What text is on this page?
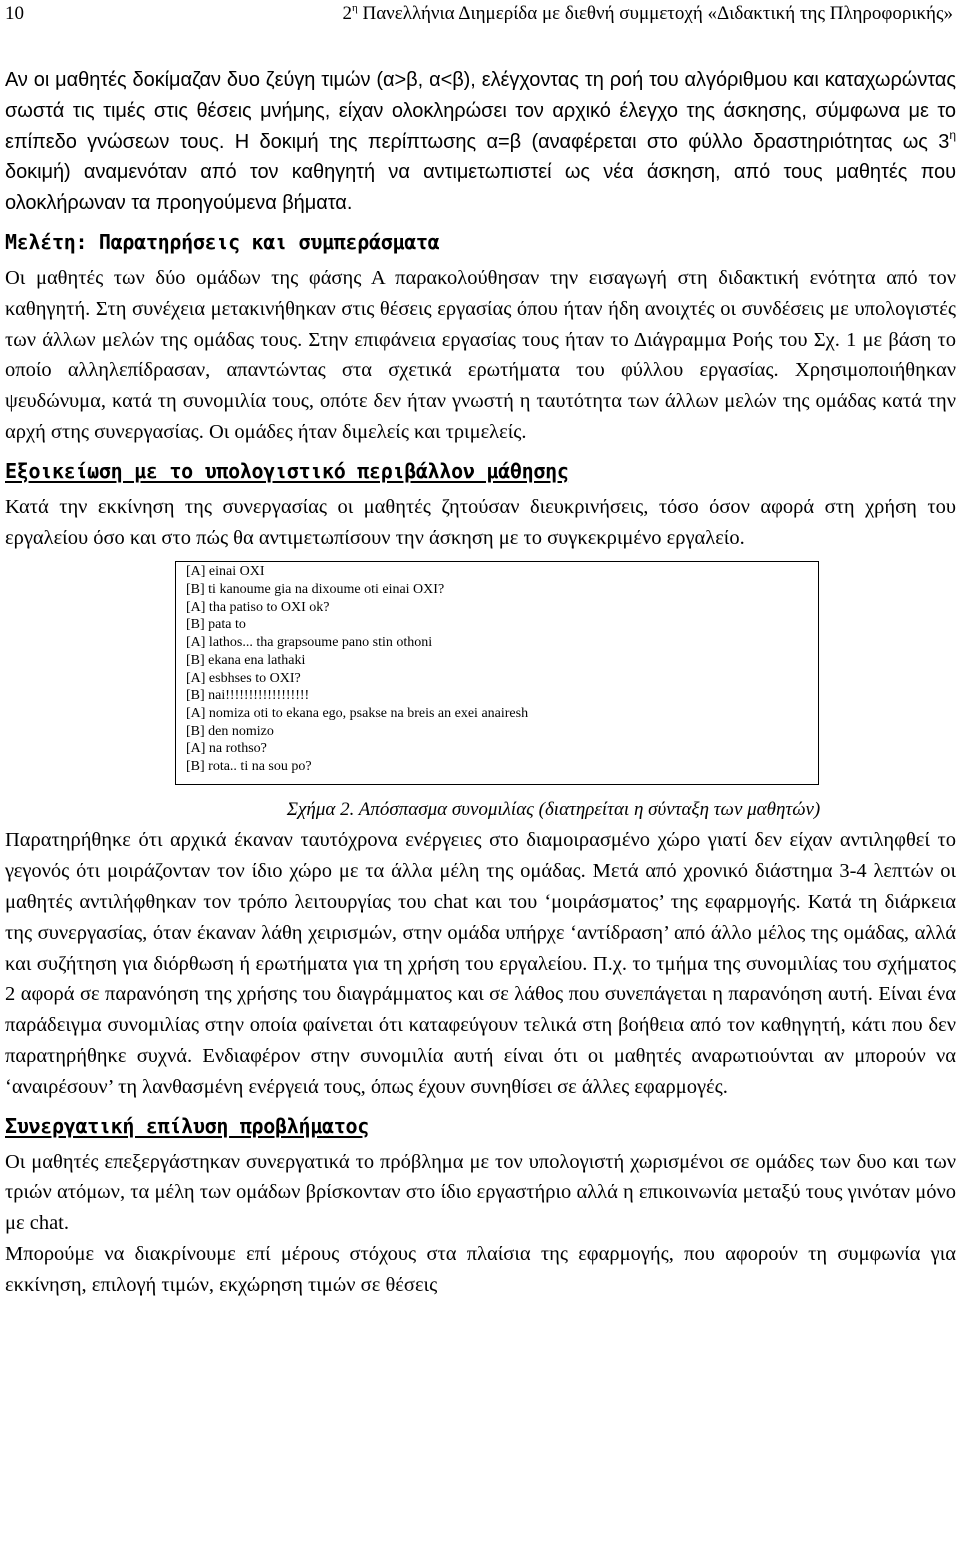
10	$2^\eta$ Πανελλήνια Διημερίδα με διεθνή συμμετοχή «Διδακτική της Πληροφορικής»

Αν οι μαθητές δοκίμαζαν δυο ζεύγη τιμών (α>β, α<β), ελέγχοντας τη ροή του αλγόριθμου και καταχωρώντας σωστά τις τιμές στις θέσεις μνήμης, είχαν ολοκληρώσει τον αρχικό έλεγχο της άσκησης, σύμφωνα με το επίπεδο γνώσεων τους. Η δοκιμή της περίπτωσης α=β (αναφέρεται στο φύλλο δραστηριότητας ως $3^\eta$ δοκιμή) αναμενόταν από τον καθηγητή να αντιμετωπιστεί ως νέα άσκηση, από τους μαθητές που ολοκλήρωναν τα προηγούμενα βήματα.

Μελέτη: Παρατηρήσεις και συμπεράσματα

Οι μαθητές των δύο ομάδων της φάσης Α παρακολούθησαν την εισαγωγή στη διδακτική ενότητα από τον καθηγητή. Στη συνέχεια μετακινήθηκαν στις θέσεις εργασίας όπου ήταν ήδη ανοιχτές οι συνδέσεις με υπολογιστές των άλλων μελών της ομάδας τους. Στην επιφάνεια εργασίας τους ήταν το Διάγραμμα Ροής του Σχ. 1 με βάση το οποίο αλληλεπίδρασαν, απαντώντας στα σχετικά ερωτήματα του φύλλου εργασίας. Χρησιμοποιήθηκαν ψευδώνυμα, κατά τη συνομιλία τους, οπότε δεν ήταν γνωστή η ταυτότητα των άλλων μελών της ομάδας κατά την αρχή στης συνεργασίας. Οι ομάδες ήταν διμελείς και τριμελείς.

Εξοικείωση με το υπολογιστικό περιβάλλον μάθησης

Κατά την εκκίνηση της συνεργασίας οι μαθητές ζητούσαν διευκρινήσεις, τόσο όσον αφορά στη χρήση του εργαλείου όσο και στο πώς θα αντιμετωπίσουν την άσκηση με το συγκεκριμένο εργαλείο.

[A] einai OXI
[B] ti kanoume gia na dixoume oti einai OXI?
[A] tha patiso to OXI ok?
[B] pata to
[A] lathos... tha grapsoume pano stin othoni
[B] ekana ena lathaki
[A] esbhses to OXI?
[B] nai!!!!!!!!!!!!!!!!!!
[A] nomiza oti to ekana ego, psakse na breis an exei anairesh
[B] den nomizo
[A] na rothso?
[B] rota.. ti na sou po?
Σχήμα 2. Απόσπασμα συνομιλίας (διατηρείται η σύνταξη των μαθητών)

Παρατηρήθηκε ότι αρχικά έκαναν ταυτόχρονα ενέργειες στο διαμοιρασμένο χώρο γιατί δεν είχαν αντιληφθεί το γεγονός ότι μοιράζονταν τον ίδιο χώρο με τα άλλα μέλη της ομάδας. Μετά από χρονικό διάστημα 3-4 λεπτών οι μαθητές αντιλήφθηκαν τον τρόπο λειτουργίας του chat και του ‘μοιράσματος’ της εφαρμογής. Κατά τη διάρκεια της συνεργασίας, όταν έκαναν λάθη χειρισμών, στην ομάδα υπήρχε ‘αντίδραση’ από άλλο μέλος της ομάδας, αλλά και συζήτηση για διόρθωση ή ερωτήματα για τη χρήση του εργαλείου. Π.χ. το τμήμα της συνομιλίας του σχήματος 2 αφορά σε παρανόηση της χρήσης του διαγράμματος και σε λάθος που συνεπάγεται η παρανόηση αυτή. Είναι ένα παράδειγμα συνομιλίας στην οποία φαίνεται ότι καταφεύγουν τελικά στη βοήθεια από τον καθηγητή, κάτι που δεν παρατηρήθηκε συχνά. Ενδιαφέρον στην συνομιλία αυτή είναι ότι οι μαθητές αναρωτιούνται αν μπορούν να ‘αναιρέσουν’ τη λανθασμένη ενέργειά τους, όπως έχουν συνηθίσει σε άλλες εφαρμογές.

Συνεργατική επίλυση προβλήματος

Οι μαθητές επεξεργάστηκαν συνεργατικά το πρόβλημα με τον υπολογιστή χωρισμένοι σε ομάδες των δυο και των τριών ατόμων, τα μέλη των ομάδων βρίσκονταν στο ίδιο εργαστήριο αλλά η επικοινωνία μεταξύ τους γινόταν μόνο με chat.

Μπορούμε να διακρίνουμε επί μέρους στόχους στα πλαίσια της εφαρμογής, που αφορούν τη συμφωνία για εκκίνηση, επιλογή τιμών, εκχώρηση τιμών σε θέσεις
